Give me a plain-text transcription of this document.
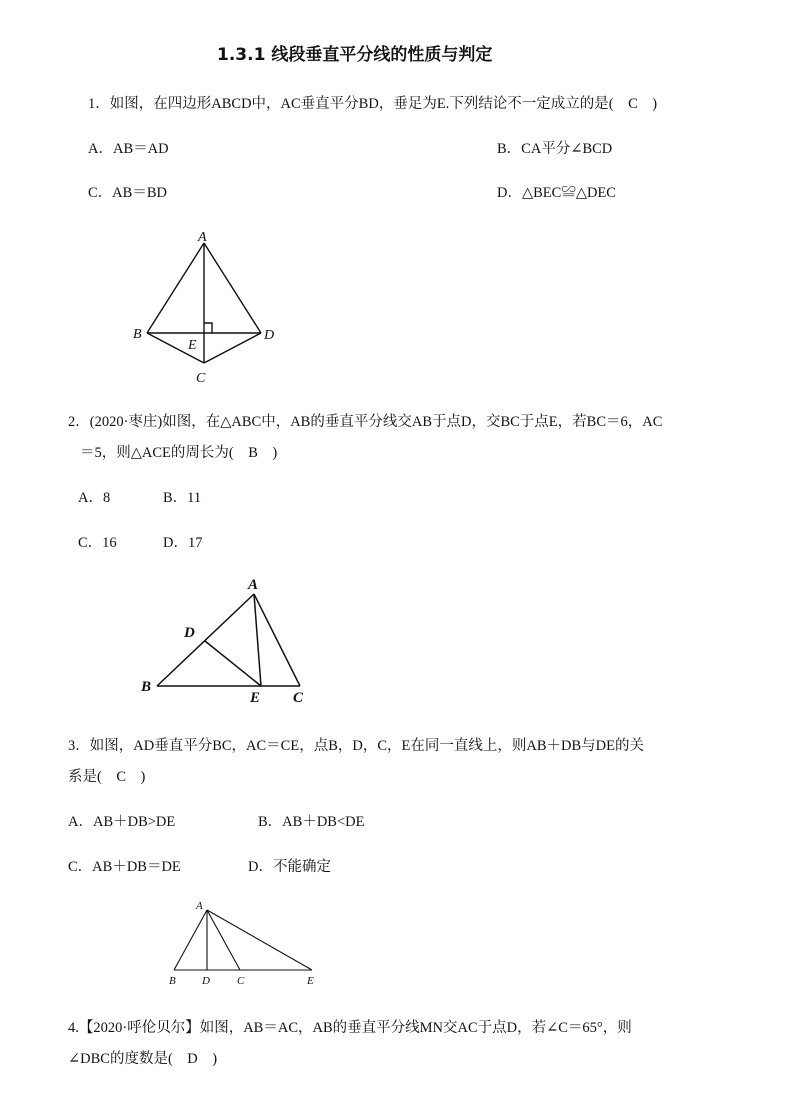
1.3.1 线段垂直平分线的性质与判定
1．如图，在四边形ABCD中，AC垂直平分BD，垂足为E.下列结论不一定成立的是(　C　)
A．AB＝AD	B．CA平分∠BCD
C．AB＝BD	D．△BEC≌△DEC
A
B
E
D
C
2．(2020·枣庄)如图，在△ABC中，AB的垂直平分线交AB于点D，交BC于点E，若BC＝6，AC
＝5，则△ACE的周长为(　B　)
A．8	B．11
C．16	D．17
A
D
B
E C
3．如图，AD垂直平分BC，AC＝CE，点B，D，C，E在同一直线上，则AB＋DB与DE的关
系是(　C　)
A．AB＋DB>DE	B．AB＋DB<DE
C．AB＋DB＝DE	D．不能确定
A
B D C	E
4.【2020·呼伦贝尔】如图，AB＝AC，AB的垂直平分线MN交AC于点D，若∠C＝65°，则
∠DBC的度数是(　D　)
